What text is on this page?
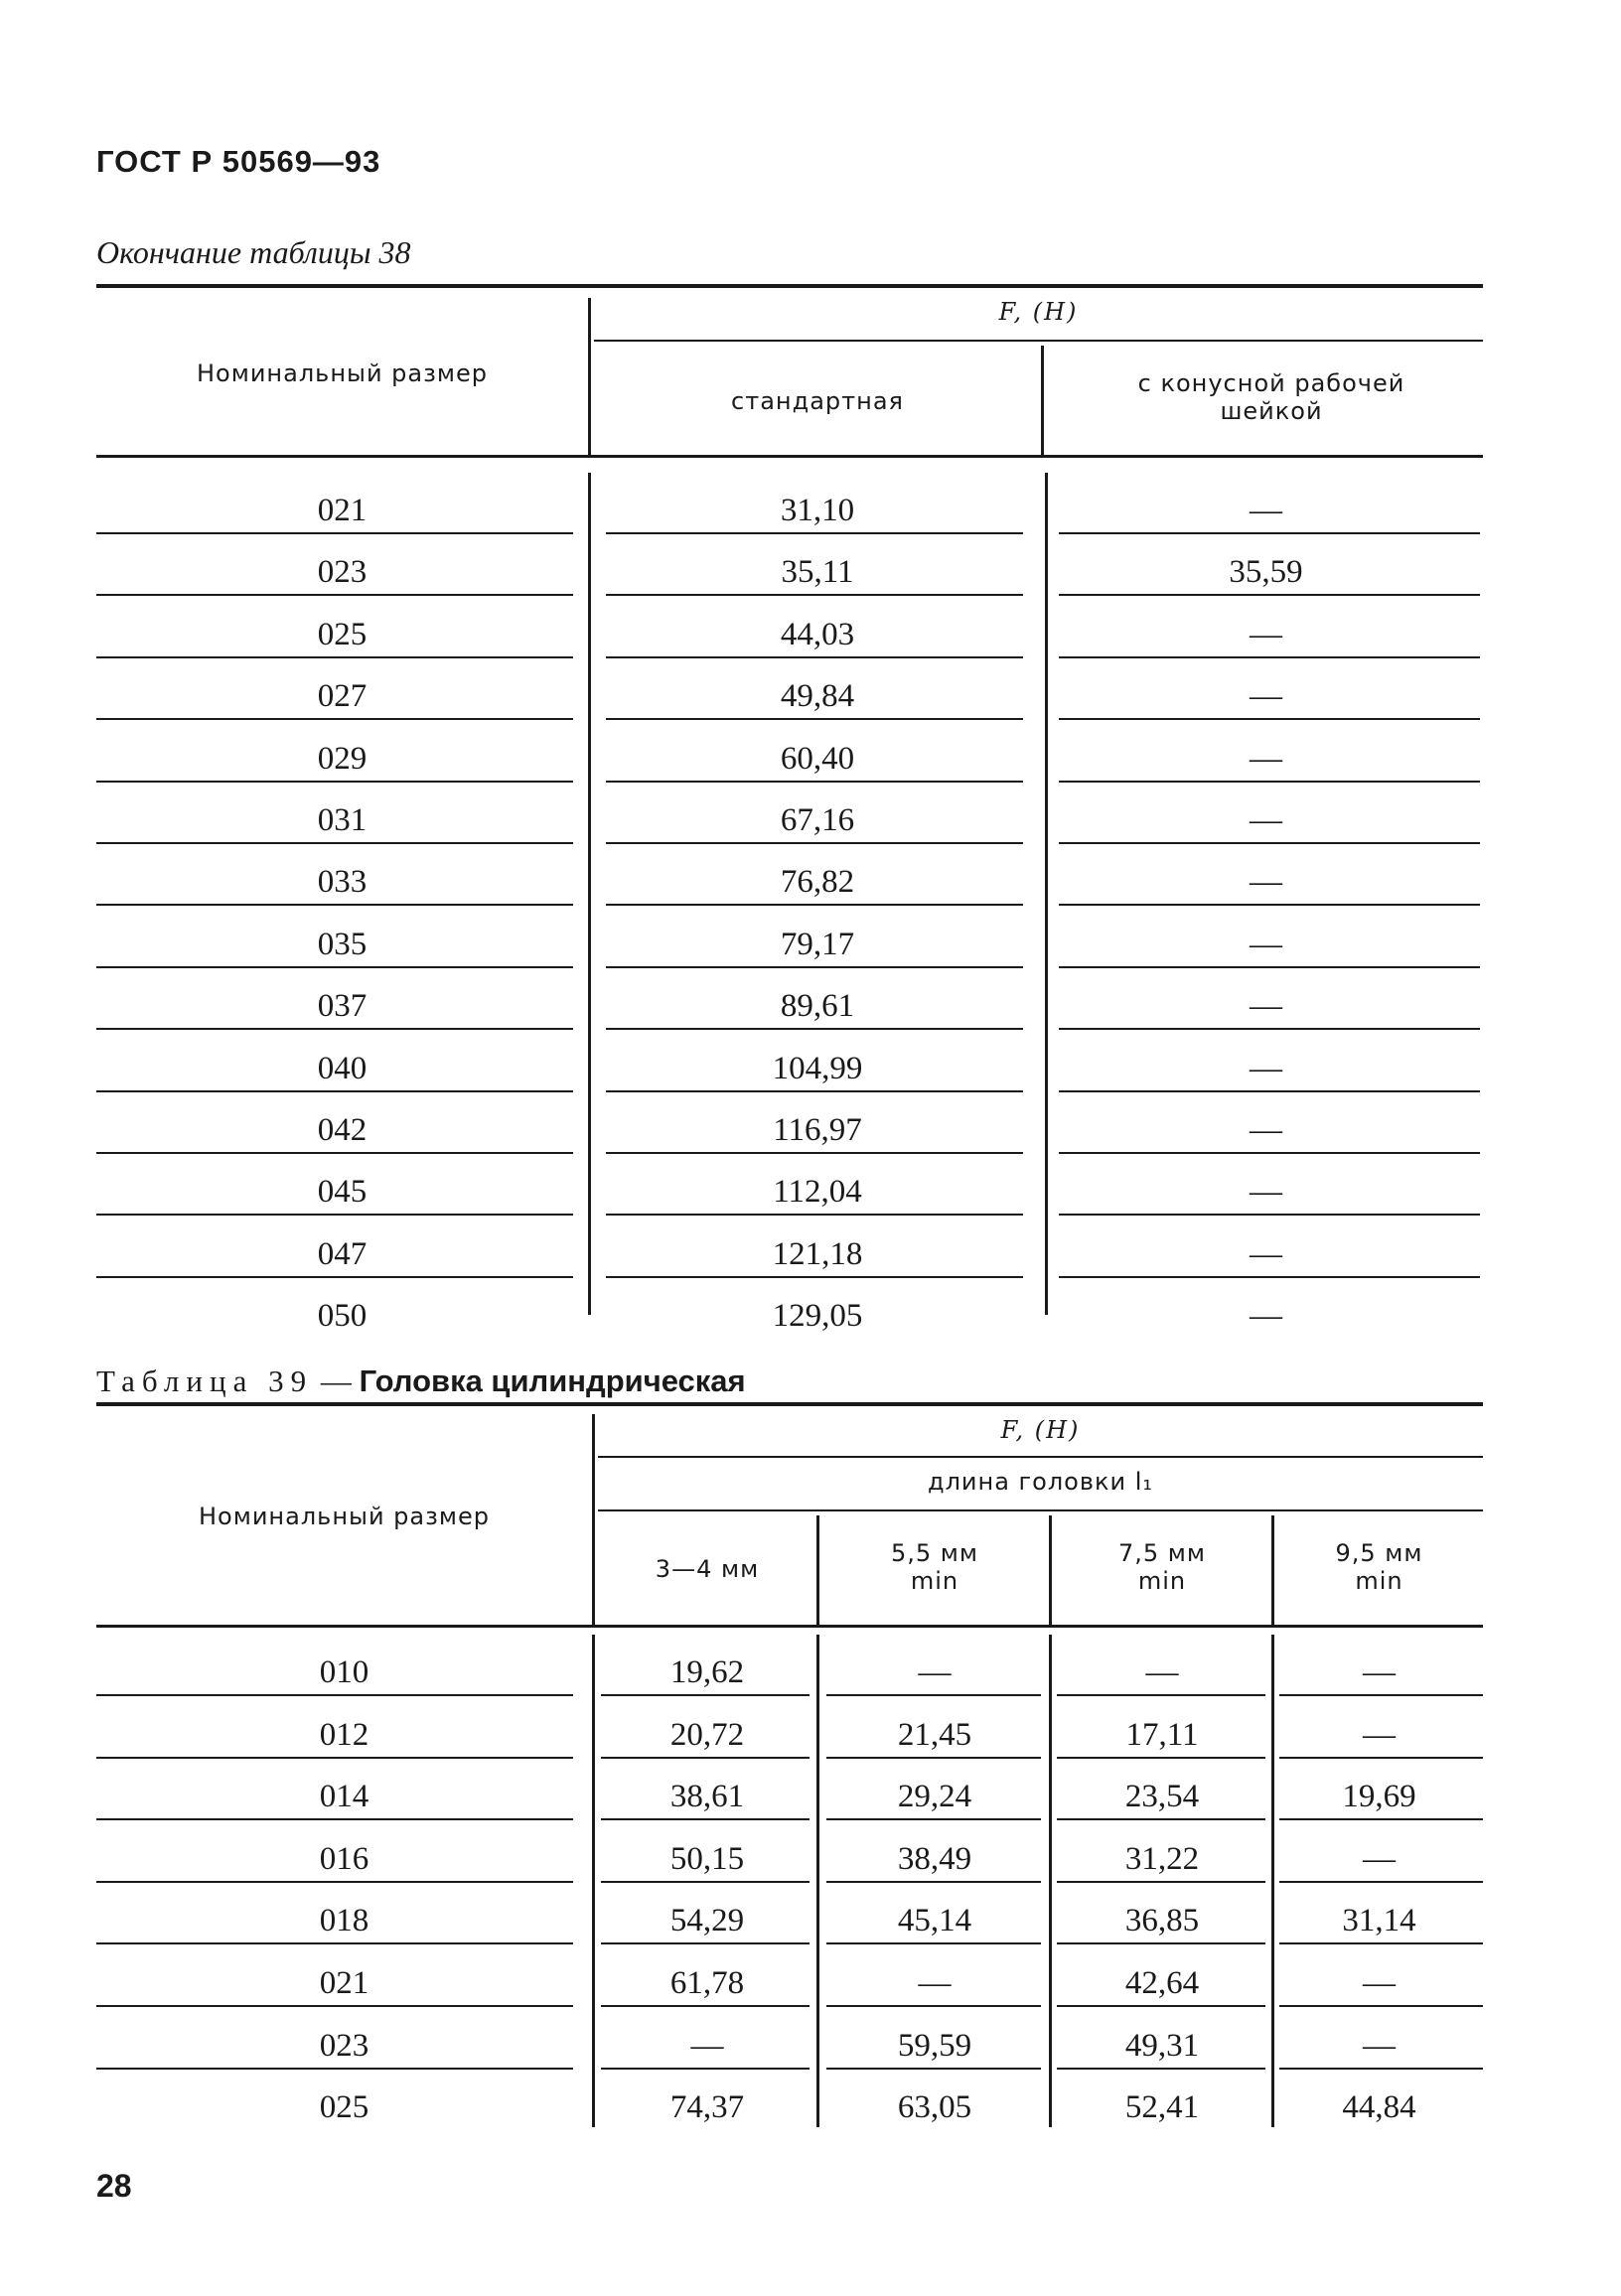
ГОСТ Р 50569—93
Окончание таблицы 38
Номинальный размер
F, (H)
стандартная
с конусной рабочей шейкой
Таблица 39 — Головка цилиндрическая
Номинальный размер
F, (H)
длина головки l₁
3—4 мм
5,5 мм
min
7,5 мм
min
9,5 мм
min
28
021	31,10	—
023	35,11	35,59
025	44,03	—
027	49,84	—
029	60,40	—
031	67,16	—
033	76,82	—
035	79,17	—
037	89,61	—
040	104,99	—
042	116,97	—
045	112,04	—
047	121,18	—
050	129,05	—
010	19,62	—	—	—
012	20,72	21,45	17,11	—
014	38,61	29,24	23,54	19,69
016	50,15	38,49	31,22	—
018	54,29	45,14	36,85	31,14
021	61,78	—	42,64	—
023	—	59,59	49,31	—
025	74,37	63,05	52,41	44,84
